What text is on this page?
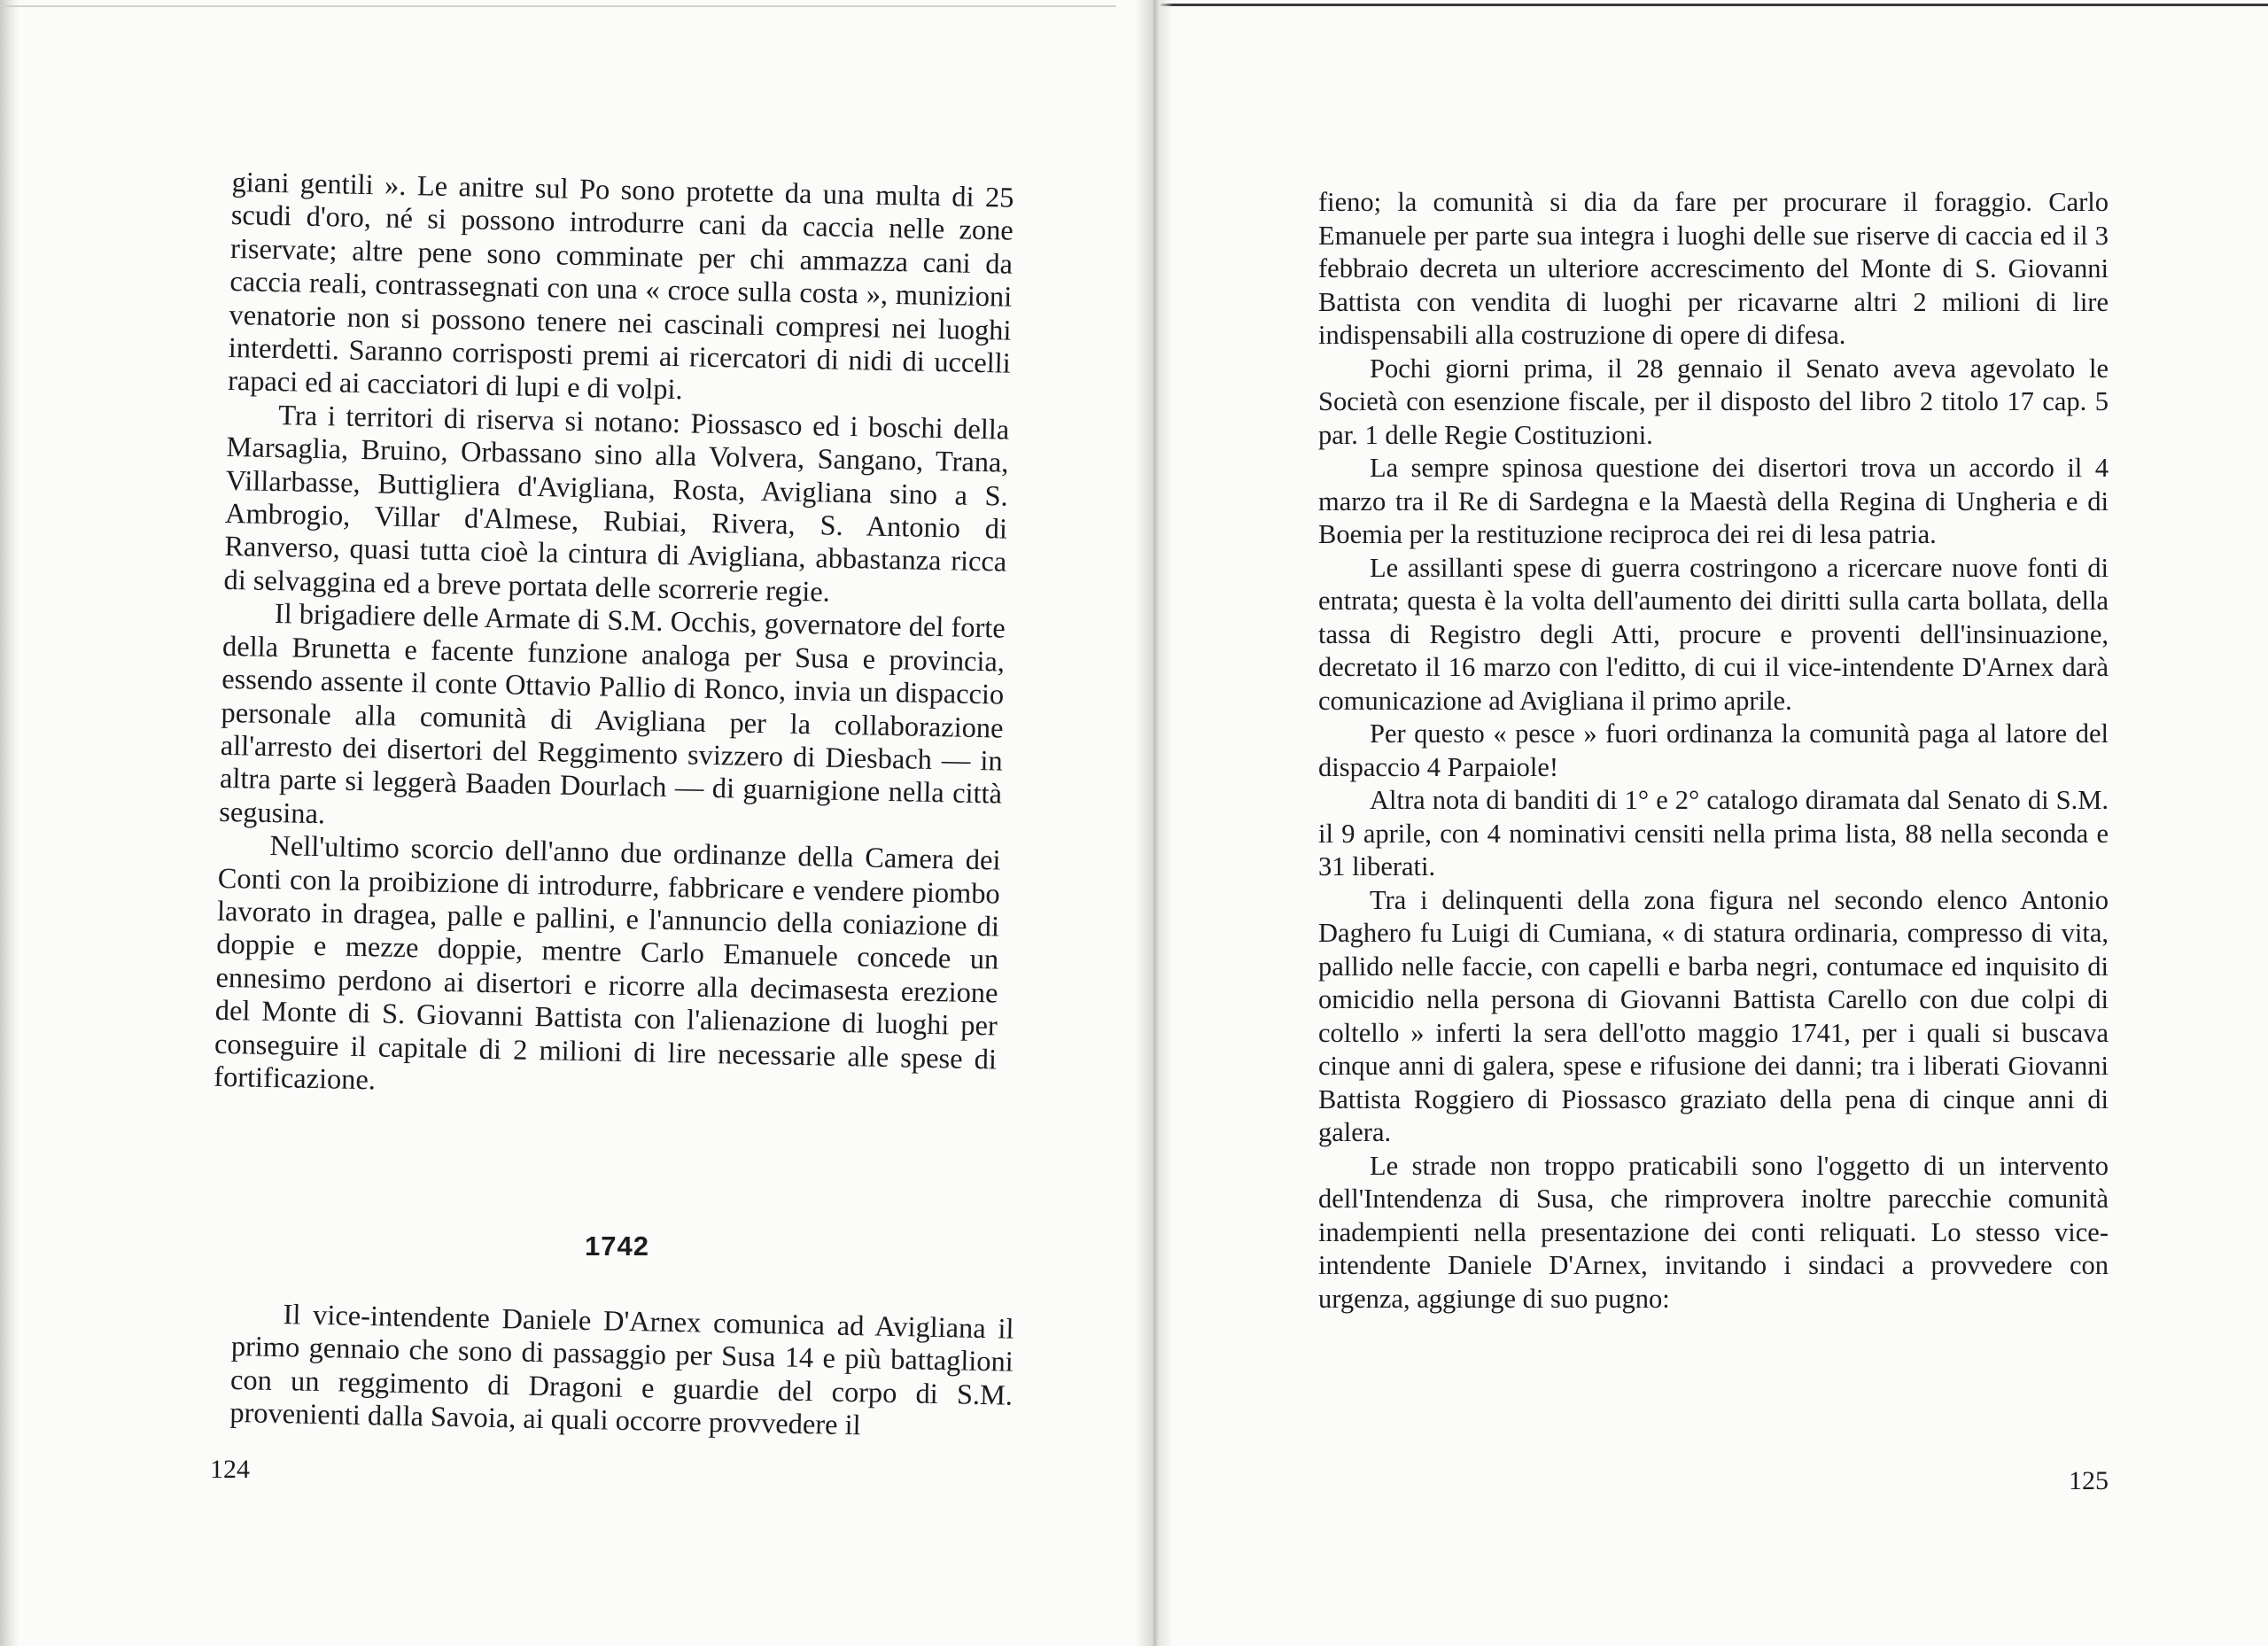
giani gentili ». Le anitre sul Po sono protette da una multa di 25 scudi d'oro, né si possono introdurre cani da caccia nelle zone riservate; altre pene sono comminate per chi ammazza cani da caccia reali, contrassegnati con una « croce sulla costa », munizioni venatorie non si possono tenere nei cascinali compresi nei luoghi interdetti. Saranno corrisposti premi ai ricercatori di nidi di uccelli rapaci ed ai cacciatori di lupi e di volpi.

Tra i territori di riserva si notano: Piossasco ed i boschi della Marsaglia, Bruino, Orbassano sino alla Volvera, Sangano, Trana, Villarbasse, Buttigliera d'Avigliana, Rosta, Avigliana sino a S. Ambrogio, Villar d'Almese, Rubiai, Rivera, S. Antonio di Ranverso, quasi tutta cioè la cintura di Avigliana, abbastanza ricca di selvaggina ed a breve portata delle scorrerie regie.

Il brigadiere delle Armate di S.M. Occhis, governatore del forte della Brunetta e facente funzione analoga per Susa e provincia, essendo assente il conte Ottavio Pallio di Ronco, invia un dispaccio personale alla comunità di Avigliana per la collaborazione all'arresto dei disertori del Reggimento svizzero di Diesbach — in altra parte si leggerà Baaden Dourlach — di guarnigione nella città segusina.

Nell'ultimo scorcio dell'anno due ordinanze della Camera dei Conti con la proibizione di introdurre, fabbricare e vendere piombo lavorato in dragea, palle e pallini, e l'annuncio della coniazione di doppie e mezze doppie, mentre Carlo Emanuele concede un ennesimo perdono ai disertori e ricorre alla decimasesta erezione del Monte di S. Giovanni Battista con l'alienazione di luoghi per conseguire il capitale di 2 milioni di lire necessarie alle spese di fortificazione.

1742

Il vice-intendente Daniele D'Arnex comunica ad Avigliana il primo gennaio che sono di passaggio per Susa 14 e più battaglioni con un reggimento di Dragoni e guardie del corpo di S.M. provenienti dalla Savoia, ai quali occorre provvedere il

124

fieno; la comunità si dia da fare per procurare il foraggio. Carlo Emanuele per parte sua integra i luoghi delle sue riserve di caccia ed il 3 febbraio decreta un ulteriore accrescimento del Monte di S. Giovanni Battista con vendita di luoghi per ricavarne altri 2 milioni di lire indispensabili alla costruzione di opere di difesa.

Pochi giorni prima, il 28 gennaio il Senato aveva agevolato le Società con esenzione fiscale, per il disposto del libro 2 titolo 17 cap. 5 par. 1 delle Regie Costituzioni.

La sempre spinosa questione dei disertori trova un accordo il 4 marzo tra il Re di Sardegna e la Maestà della Regina di Ungheria e di Boemia per la restituzione reciproca dei rei di lesa patria.

Le assillanti spese di guerra costringono a ricercare nuove fonti di entrata; questa è la volta dell'aumento dei diritti sulla carta bollata, della tassa di Registro degli Atti, procure e proventi dell'insinuazione, decretato il 16 marzo con l'editto, di cui il vice-intendente D'Arnex darà comunicazione ad Avigliana il primo aprile.

Per questo « pesce » fuori ordinanza la comunità paga al latore del dispaccio 4 Parpaiole!

Altra nota di banditi di 1° e 2° catalogo diramata dal Senato di S.M. il 9 aprile, con 4 nominativi censiti nella prima lista, 88 nella seconda e 31 liberati.

Tra i delinquenti della zona figura nel secondo elenco Antonio Daghero fu Luigi di Cumiana, « di statura ordinaria, compresso di vita, pallido nelle faccie, con capelli e barba negri, contumace ed inquisito di omicidio nella persona di Giovanni Battista Carello con due colpi di coltello » inferti la sera dell'otto maggio 1741, per i quali si buscava cinque anni di galera, spese e rifusione dei danni; tra i liberati Giovanni Battista Roggiero di Piossasco graziato della pena di cinque anni di galera.

Le strade non troppo praticabili sono l'oggetto di un intervento dell'Intendenza di Susa, che rimprovera inoltre parecchie comunità inadempienti nella presentazione dei conti reliquati. Lo stesso vice-intendente Daniele D'Arnex, invitando i sindaci a provvedere con urgenza, aggiunge di suo pugno:

125
